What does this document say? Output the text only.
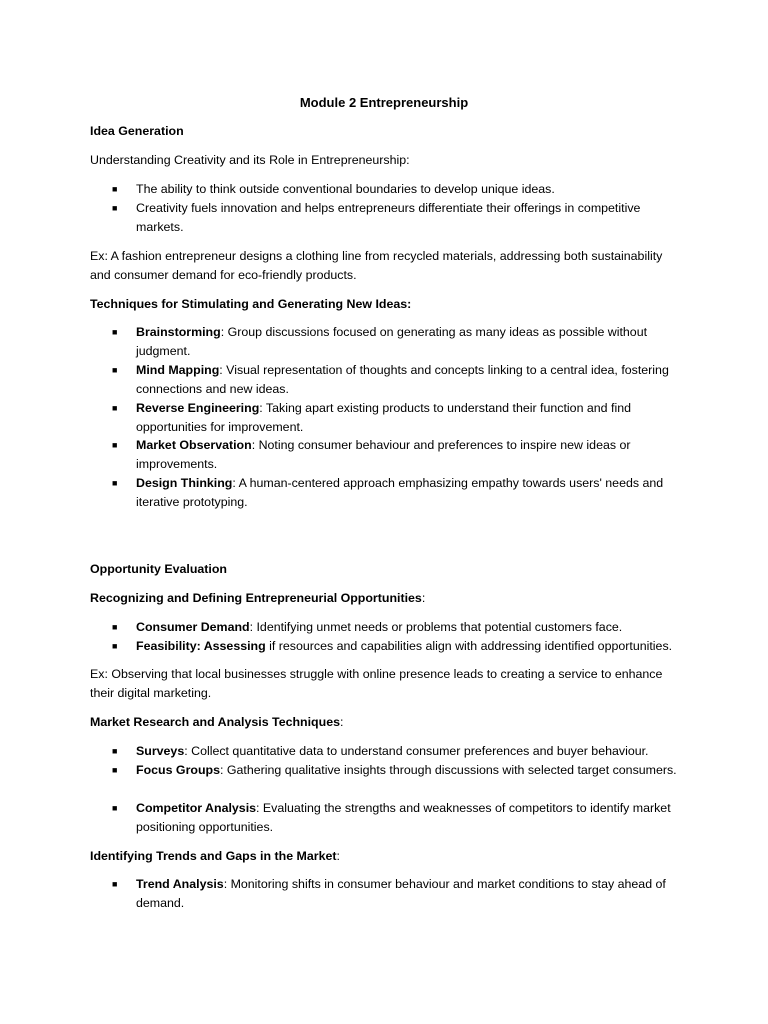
Module 2 Entrepreneurship
Idea Generation
Understanding Creativity and its Role in Entrepreneurship:
■	The ability to think outside conventional boundaries to develop unique ideas.
■	Creativity fuels innovation and helps entrepreneurs differentiate their offerings in competitive markets.
Ex: A fashion entrepreneur designs a clothing line from recycled materials, addressing both sustainability
and consumer demand for eco-friendly products.
Techniques for Stimulating and Generating New Ideas:
■	Brainstorming: Group discussions focused on generating as many ideas as possible without judgment.
■	Mind Mapping: Visual representation of thoughts and concepts linking to a central idea, fostering connections and new ideas.
■	Reverse Engineering: Taking apart existing products to understand their function and find opportunities for improvement.
■	Market Observation: Noting consumer behaviour and preferences to inspire new ideas or improvements.
■	Design Thinking: A human-centered approach emphasizing empathy towards users' needs and iterative prototyping.
Opportunity Evaluation
Recognizing and Defining Entrepreneurial Opportunities:
■	Consumer Demand: Identifying unmet needs or problems that potential customers face.
■	Feasibility: Assessing if resources and capabilities align with addressing identified opportunities.
Ex: Observing that local businesses struggle with online presence leads to creating a service to enhance
their digital marketing.
Market Research and Analysis Techniques:
■	Surveys: Collect quantitative data to understand consumer preferences and buyer behaviour.
■	Focus Groups: Gathering qualitative insights through discussions with selected target consumers.
■	Competitor Analysis: Evaluating the strengths and weaknesses of competitors to identify market positioning opportunities.
Identifying Trends and Gaps in the Market:
■	Trend Analysis: Monitoring shifts in consumer behaviour and market conditions to stay ahead of demand.
